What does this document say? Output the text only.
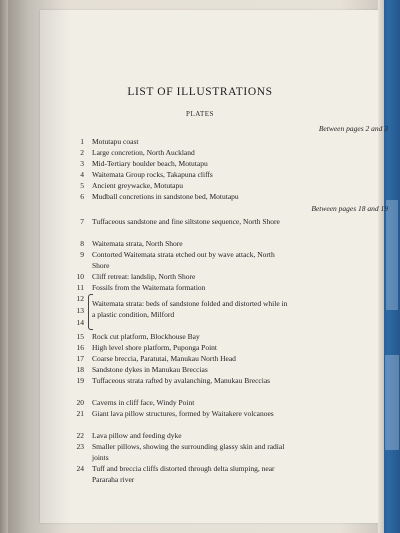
LIST OF ILLUSTRATIONS
PLATES
Between pages 2 and 3
1 Motutapu coast
2 Large concretion, North Auckland
3 Mid-Tertiary boulder beach, Motutapu
4 Waitemata Group rocks, Takapuna cliffs
5 Ancient greywacke, Motutapu
6 Mudball concretions in sandstone bed, Motutapu
Between pages 18 and 19
7 Tuffaceous sandstone and fine siltstone sequence, North Shore
8 Waitemata strata, North Shore
9 Contorted Waitemata strata etched out by wave attack, North Shore
10 Cliff retreat: landslip, North Shore
11 Fossils from the Waitemata formation
12
13
14
Waitemata strata: beds of sandstone folded and distorted while in a plastic condition, Milford
15 Rock cut platform, Blockhouse Bay
16 High level shore platform, Puponga Point
17 Coarse breccia, Paratutai, Manukau North Head
18 Sandstone dykes in Manukau Breccias
19 Tuffaceous strata rafted by avalanching, Manukau Breccias
20 Caverns in cliff face, Windy Point
21 Giant lava pillow structures, formed by Waitakere volcanoes
22 Lava pillow and feeding dyke
23 Smaller pillows, showing the surrounding glassy skin and radial joints
24 Tuff and breccia cliffs distorted through delta slumping, near Pararaha river
